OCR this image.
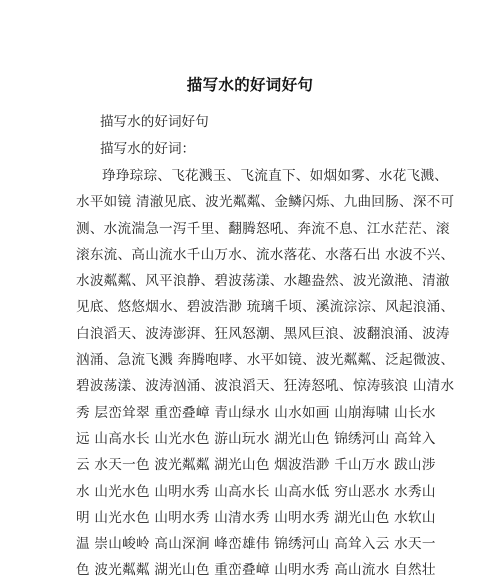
描写水的好词好句
描写水的好词好句
描写水的好词：
琤琤琮琮、飞花溅玉、飞流直下、如烟如雾、水花飞溅、
水平如镜 清澈见底、波光粼粼、金鳞闪烁、九曲回肠、深不可
测、水流湍急一泻千里、翻腾怒吼、奔流不息、江水茫茫、滚
滚东流、高山流水千山万水、流水落花、水落石出 水波不兴、
水波粼粼、风平浪静、碧波荡漾、水趣盎然、波光潋滟、清澈
见底、悠悠烟水、碧波浩渺 琉璃千顷、溪流淙淙、风起浪涌、
白浪滔天、波涛澎湃、狂风怒潮、黑风巨浪、波翻浪涌、波涛
汹涌、急流飞溅 奔腾咆哮、水平如镜、波光粼粼、泛起微波、
碧波荡漾、波涛汹涌、波浪滔天、狂涛怒吼、惊涛骇浪 山清水
秀 层峦耸翠 重峦叠嶂 青山绿水 山水如画 山崩海啸 山长水
远 山高水长 山光水色 游山玩水 湖光山色 锦绣河山 高耸入
云 水天一色 波光粼粼 湖光山色 烟波浩渺 千山万水 跋山涉
水 山光水色 山明水秀 山高水长 山高水低 穷山恶水 水秀山
明 山光水色 山明水秀 山清水秀 山明水秀 湖光山色 水软山
温 崇山峻岭 高山深涧 峰峦雄伟 锦绣河山 高耸入云 水天一
色 波光粼粼 湖光山色 重峦叠嶂 山明水秀 高山流水 自然壮
